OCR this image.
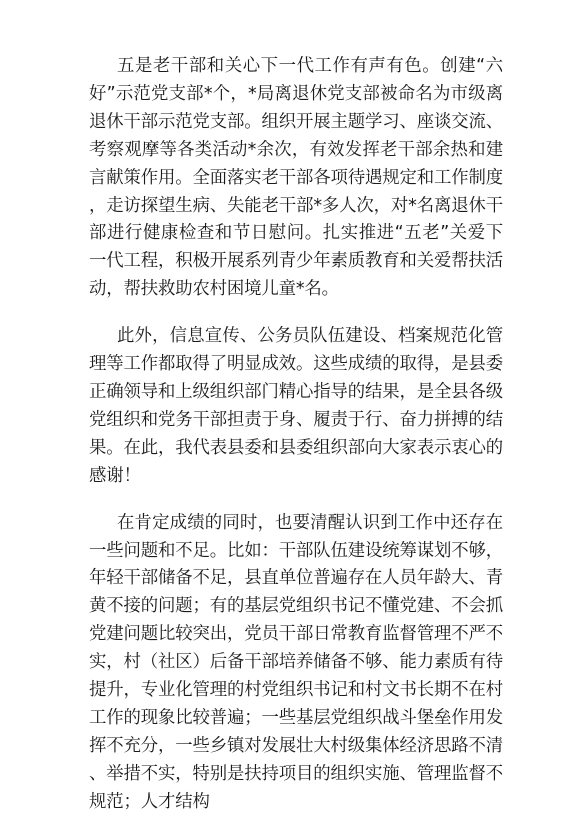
五是老干部和关心下一代工作有声有色。创建“六好”示范党支部*个，*局离退休党支部被命名为市级离退休干部示范党支部。组织开展主题学习、座谈交流、考察观摩等各类活动*余次，有效发挥老干部余热和建言献策作用。全面落实老干部各项待遇规定和工作制度，走访探望生病、失能老干部*多人次，对*名离退休干部进行健康检查和节日慰问。扎实推进“五老”关爱下一代工程，积极开展系列青少年素质教育和关爱帮扶活动，帮扶救助农村困境儿童*名。

此外，信息宣传、公务员队伍建设、档案规范化管理等工作都取得了明显成效。这些成绩的取得，是县委正确领导和上级组织部门精心指导的结果，是全县各级党组织和党务干部担责于身、履责于行、奋力拼搏的结果。在此，我代表县委和县委组织部向大家表示衷心的感谢！

在肯定成绩的同时，也要清醒认识到工作中还存在一些问题和不足。比如：干部队伍建设统筹谋划不够，年轻干部储备不足，县直单位普遍存在人员年龄大、青黄不接的问题；有的基层党组织书记不懂党建、不会抓党建问题比较突出，党员干部日常教育监督管理不严不实，村（社区）后备干部培养储备不够、能力素质有待提升，专业化管理的村党组织书记和村文书长期不在村工作的现象比较普遍；一些基层党组织战斗堡垒作用发挥不充分，一些乡镇对发展壮大村级集体经济思路不清、举措不实，特别是扶持项目的组织实施、管理监督不规范；人才结构
